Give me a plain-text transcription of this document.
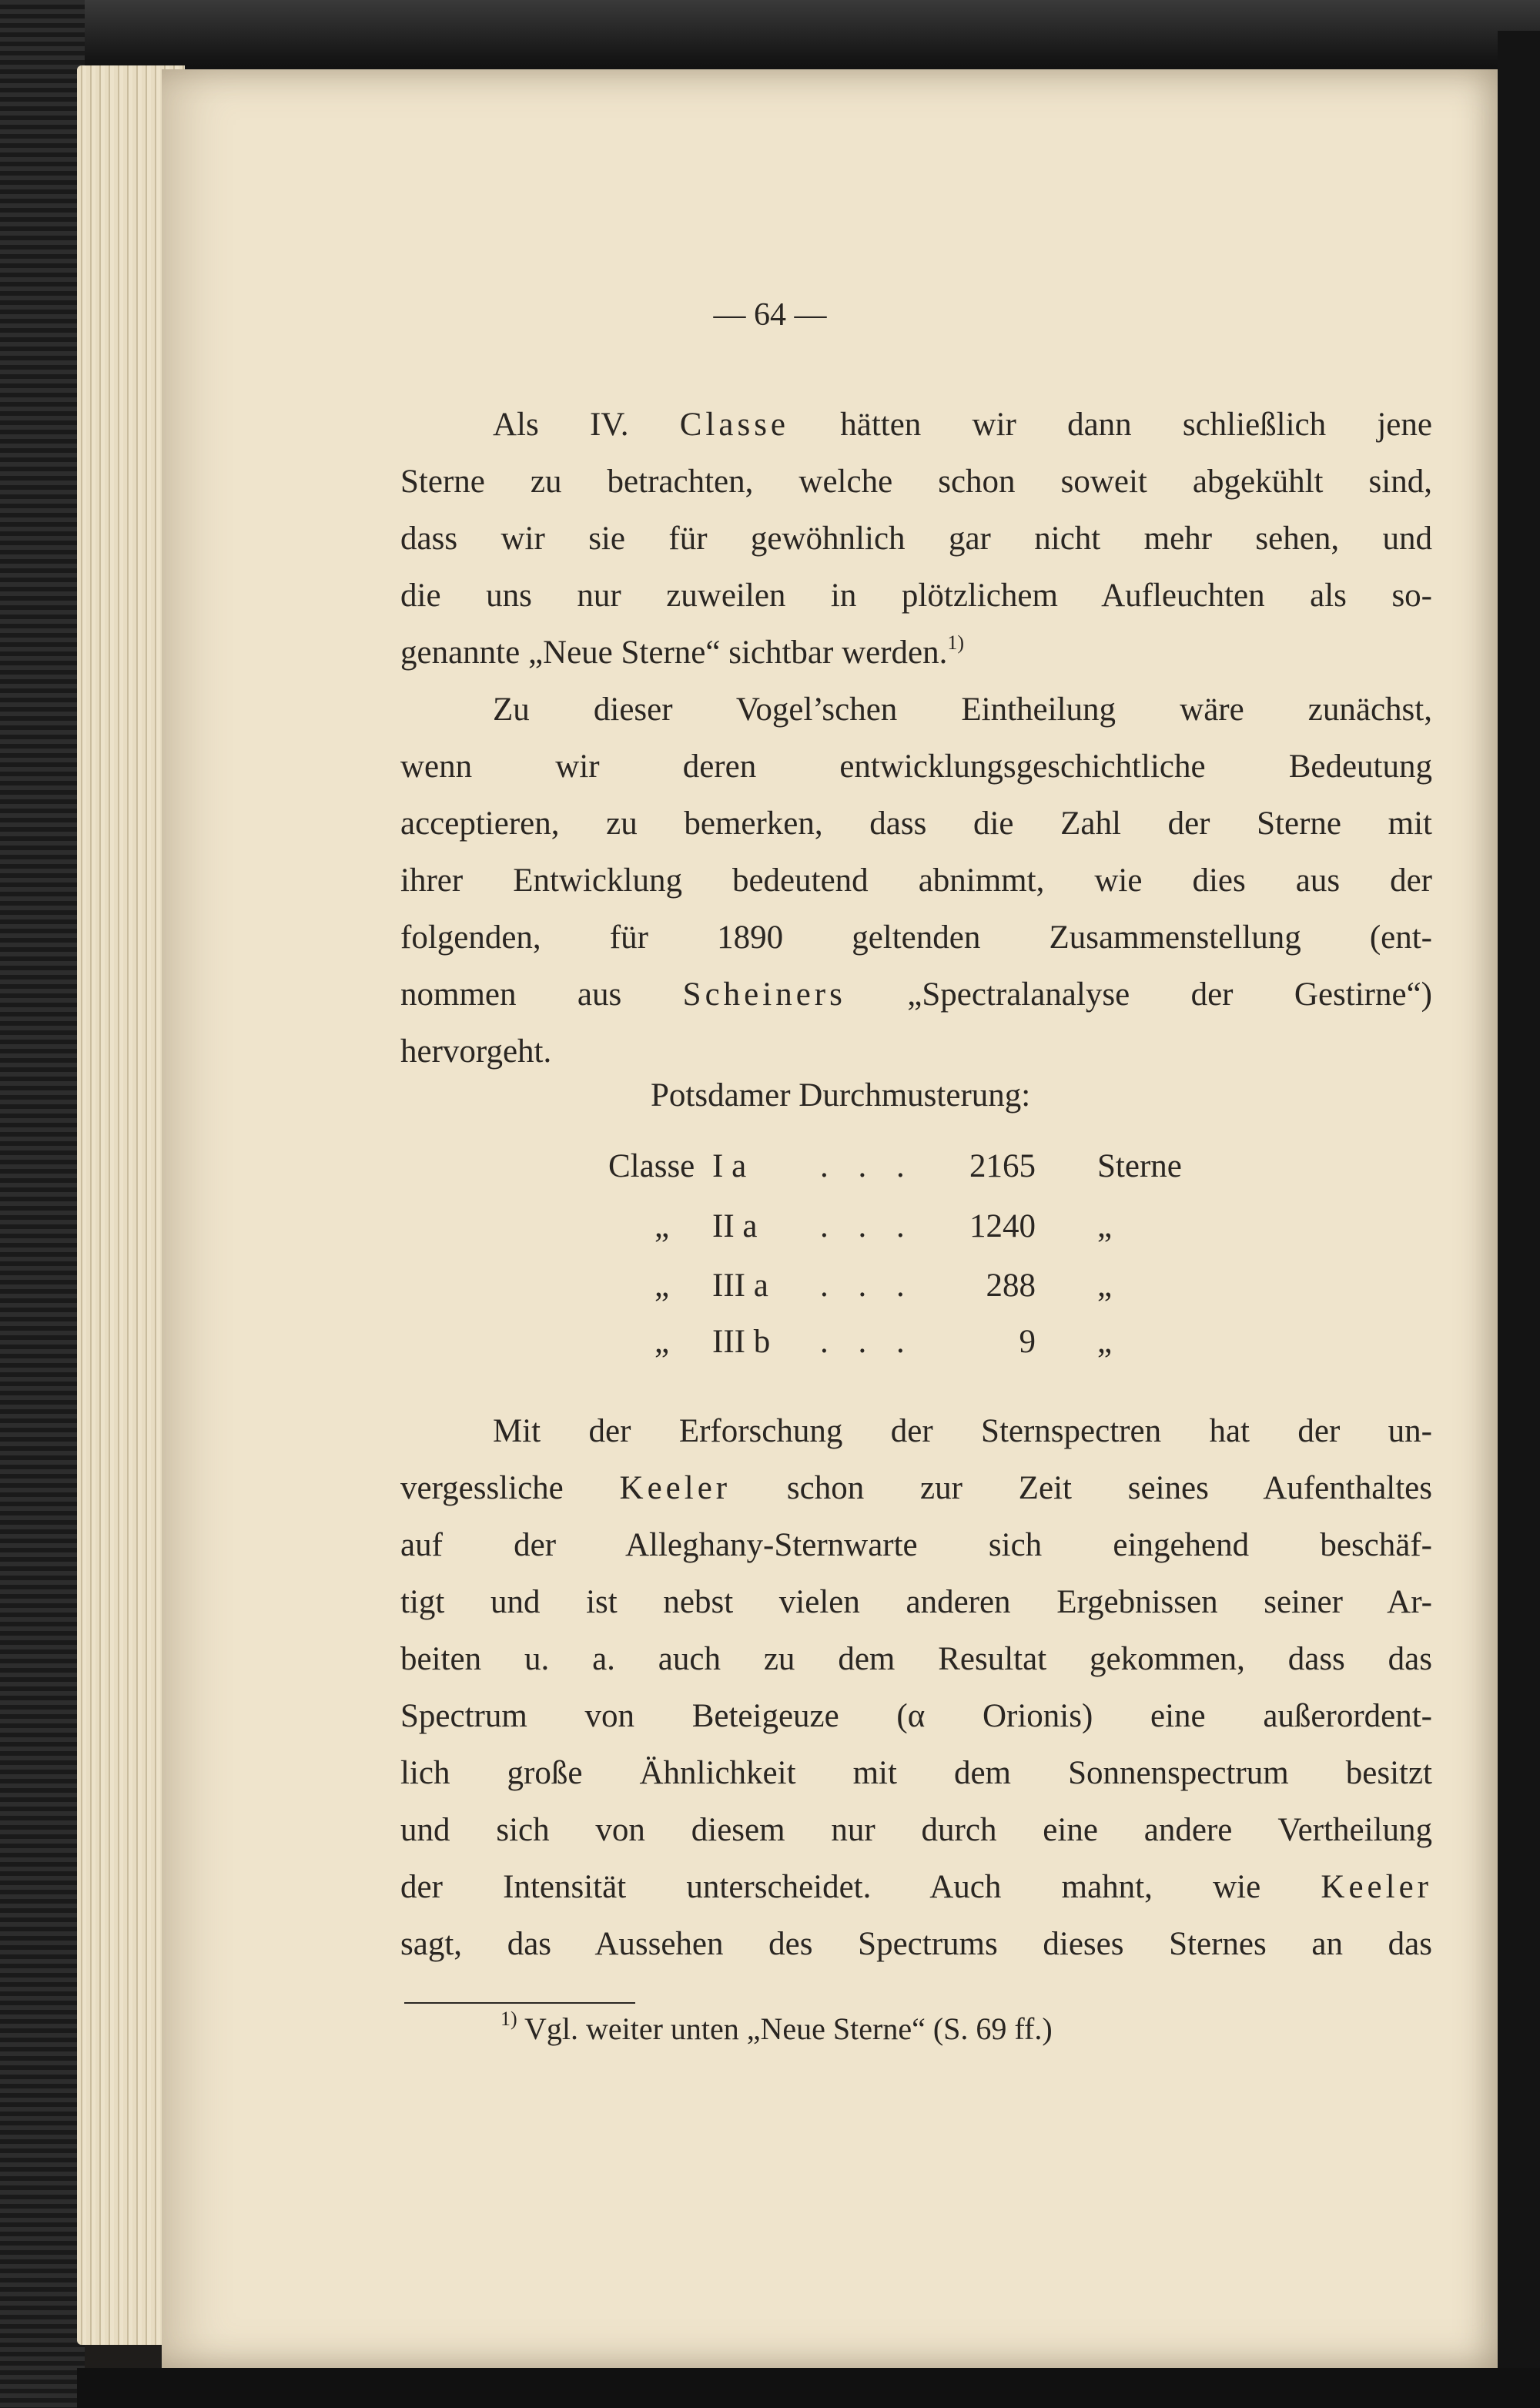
— 64 —
Als IV. Classe hätten wir dann schließlich jene
Sterne zu betrachten, welche schon soweit abgekühlt sind,
dass wir sie für gewöhnlich gar nicht mehr sehen, und
die uns nur zuweilen in plötzlichem Aufleuchten als so-
genannte „Neue Sterne“ sichtbar werden.$^{1)}$
Zu dieser Vogel’schen Eintheilung wäre zunächst,
wenn wir deren entwicklungsgeschichtliche Bedeutung
acceptieren, zu bemerken, dass die Zahl der Sterne mit
ihrer Entwicklung bedeutend abnimmt, wie dies aus der
folgenden, für 1890 geltenden Zusammenstellung (ent-
nommen aus Scheiners „Spectralanalyse der Gestirne“)
hervorgeht.
Potsdamer Durchmusterung:
Classe I a . . .	2165 Sterne
„ II a . . .	1240 „
„ III a . . .	288 „
„ III b . . .	9 „
Mit der Erforschung der Sternspectren hat der un-
vergessliche Keeler schon zur Zeit seines Aufenthaltes
auf der Alleghany-Sternwarte sich eingehend beschäf-
tigt und ist nebst vielen anderen Ergebnissen seiner Ar-
beiten u. a. auch zu dem Resultat gekommen, dass das
Spectrum von Beteigeuze (α Orionis) eine außerordent-
lich große Ähnlichkeit mit dem Sonnenspectrum besitzt
und sich von diesem nur durch eine andere Vertheilung
der Intensität unterscheidet. Auch mahnt, wie Keeler
sagt, das Aussehen des Spectrums dieses Sternes an das
$^{1)}$ Vgl. weiter unten „Neue Sterne“ (S. 69 ff.)
